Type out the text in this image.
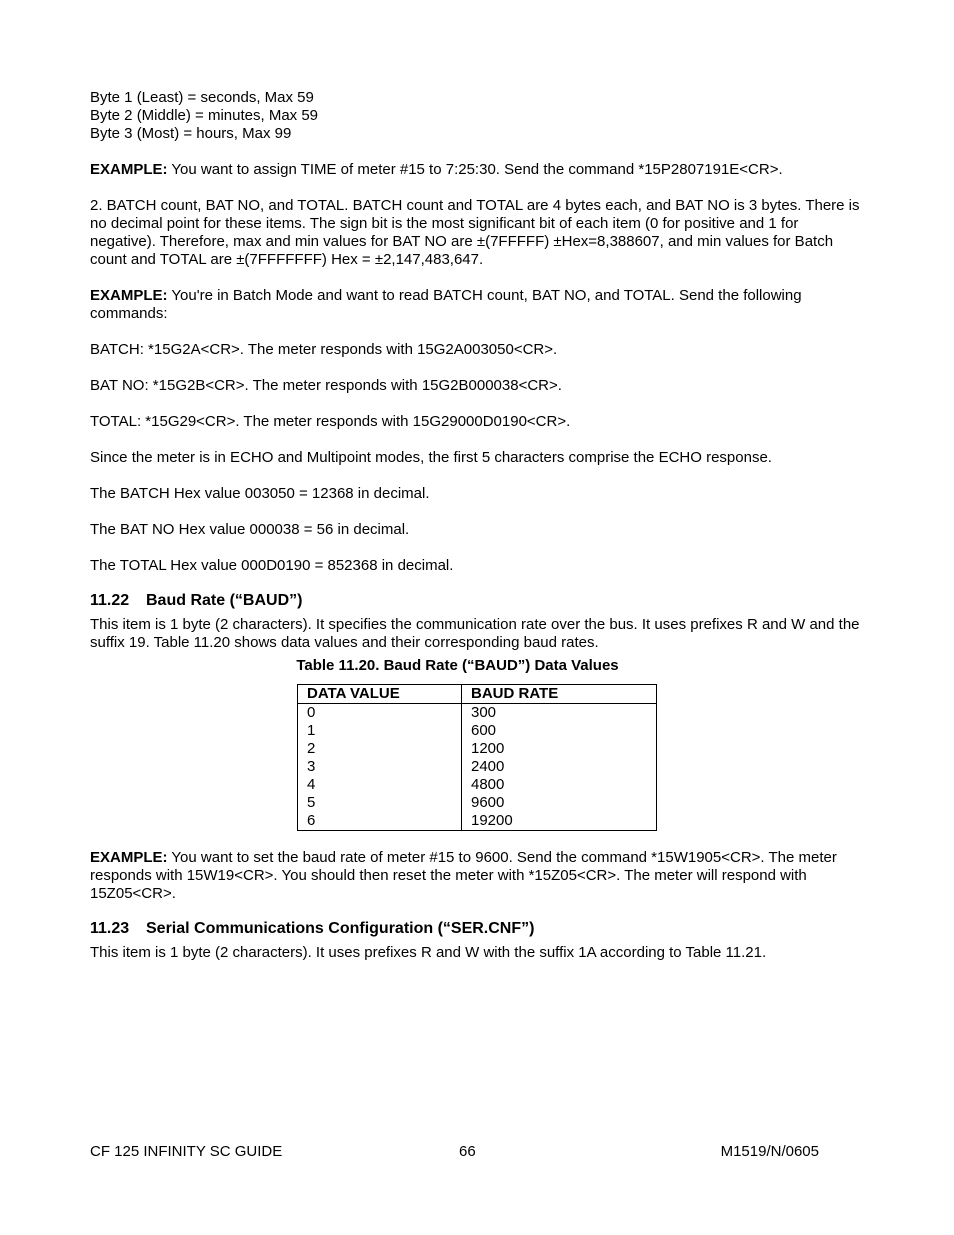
Byte 1 (Least) = seconds, Max 59

Byte 2 (Middle) = minutes, Max 59

Byte 3 (Most) = hours, Max 99

EXAMPLE: You want to assign TIME of meter #15 to 7:25:30. Send the command *15P2807191E<CR>.

2. BATCH count, BAT NO, and TOTAL. BATCH count and TOTAL are 4 bytes each, and BAT NO is 3 bytes. There is no decimal point for these items. The sign bit is the most significant bit of each item (0 for positive and 1 for negative). Therefore, max and min values for BAT NO are ±(7FFFFF) ±Hex=8,388607, and min values for Batch count and TOTAL are ±(7FFFFFFF) Hex = ±2,147,483,647.

EXAMPLE: You're in Batch Mode and want to read BATCH count, BAT NO, and TOTAL. Send the following commands:

BATCH: *15G2A<CR>. The meter responds with 15G2A003050<CR>.

BAT NO: *15G2B<CR>. The meter responds with 15G2B000038<CR>.

TOTAL: *15G29<CR>. The meter responds with 15G29000D0190<CR>.

Since the meter is in ECHO and Multipoint modes, the first 5 characters comprise the ECHO response.

The BATCH Hex value 003050 = 12368 in decimal.

The BAT NO Hex value 000038 = 56 in decimal.

The TOTAL Hex value 000D0190 = 852368 in decimal.

11.22 Baud Rate (“BAUD”)

This item is 1 byte (2 characters). It specifies the communication rate over the bus. It uses prefixes R and W and the suffix 19. Table 11.20 shows data values and their corresponding baud rates.

Table 11.20. Baud Rate (“BAUD”) Data Values

DATA VALUE	BAUD RATE
0	300
1	600
2	1200
3	2400
4	4800
5	9600
6	19200

EXAMPLE: You want to set the baud rate of meter #15 to 9600. Send the command *15W1905<CR>. The meter responds with 15W19<CR>. You should then reset the meter with *15Z05<CR>. The meter will respond with 15Z05<CR>.

11.23 Serial Communications Configuration (“SER.CNF”)

This item is 1 byte (2 characters). It uses prefixes R and W with the suffix 1A according to Table 11.21.

CF 125 INFINITY SC GUIDE	66	M1519/N/0605
